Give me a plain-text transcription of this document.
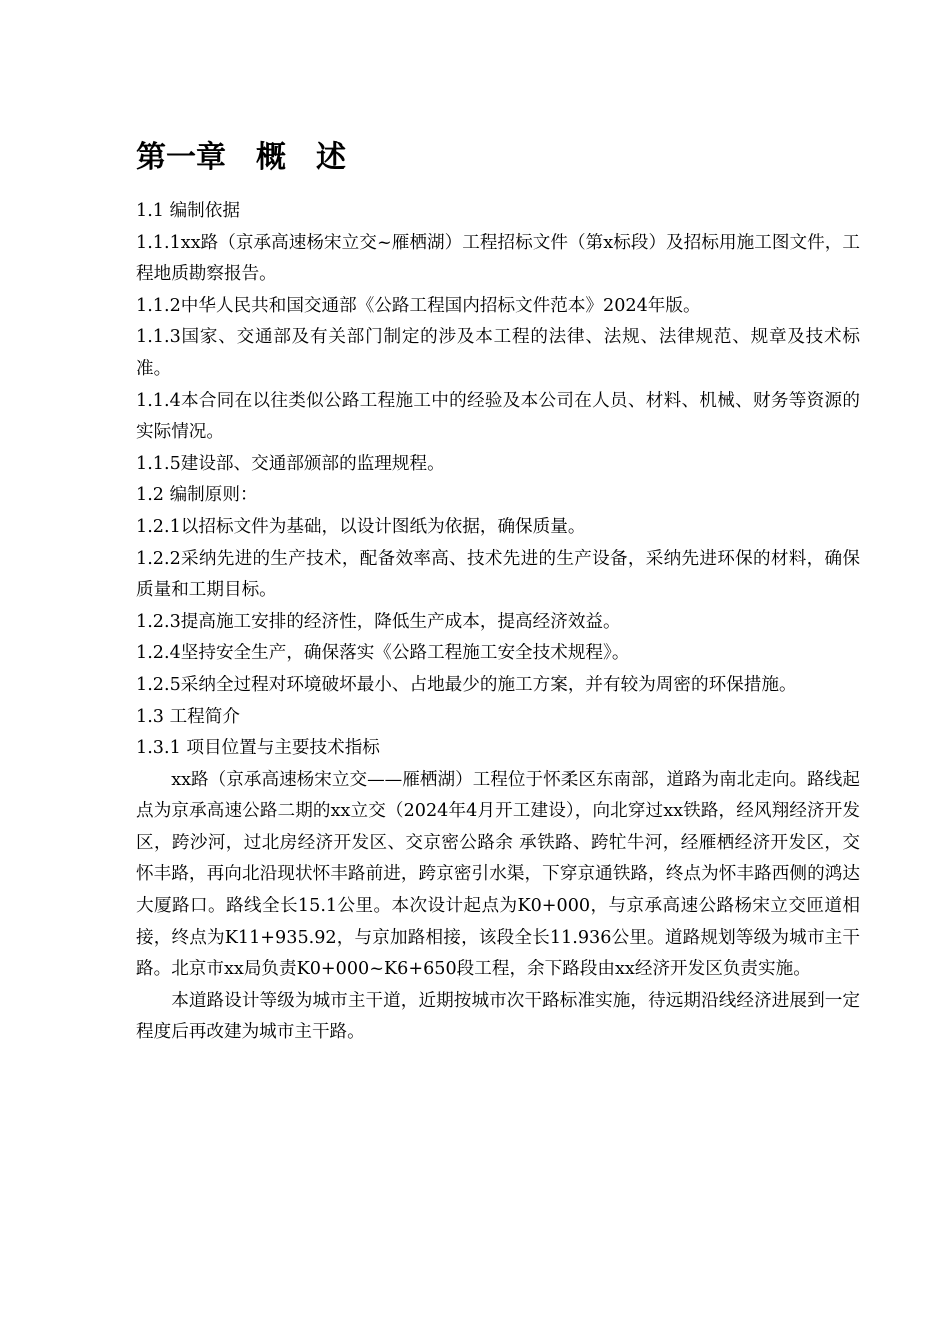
第一章　概　述

1.1 编制依据

1.1.1xx路（京承高速杨宋立交~雁栖湖）工程招标文件（第x标段）及招标用施工图文件，工程地质勘察报告。

1.1.2中华人民共和国交通部《公路工程国内招标文件范本》2024年版。

1.1.3国家、交通部及有关部门制定的涉及本工程的法律、法规、法律规范、规章及技术标准。

1.1.4本合同在以往类似公路工程施工中的经验及本公司在人员、材料、机械、财务等资源的实际情况。

1.1.5建设部、交通部颁部的监理规程。

1.2 编制原则：

1.2.1以招标文件为基础，以设计图纸为依据，确保质量。

1.2.2采纳先进的生产技术，配备效率高、技术先进的生产设备，采纳先进环保的材料，确保质量和工期目标。

1.2.3提高施工安排的经济性，降低生产成本，提高经济效益。

1.2.4坚持安全生产，确保落实《公路工程施工安全技术规程》。

1.2.5采纳全过程对环境破坏最小、占地最少的施工方案，并有较为周密的环保措施。

1.3 工程简介

1.3.1 项目位置与主要技术指标

xx路（京承高速杨宋立交——雁栖湖）工程位于怀柔区东南部，道路为南北走向。路线起点为京承高速公路二期的xx立交（2024年4月开工建设），向北穿过xx铁路，经风翔经济开发区，跨沙河，过北房经济开发区、交京密公路余 承铁路、跨牤牛河，经雁栖经济开发区，交怀丰路，再向北沿现状怀丰路前进，跨京密引水渠，下穿京通铁路，终点为怀丰路西侧的鸿达大厦路口。路线全长15.1公里。本次设计起点为K0+000，与京承高速公路杨宋立交匝道相接，终点为K11+935.92，与京加路相接，该段全长11.936公里。道路规划等级为城市主干路。北京市xx局负责K0+000~K6+650段工程，余下路段由xx经济开发区负责实施。

本道路设计等级为城市主干道，近期按城市次干路标准实施，待远期沿线经济进展到一定程度后再改建为城市主干路。
